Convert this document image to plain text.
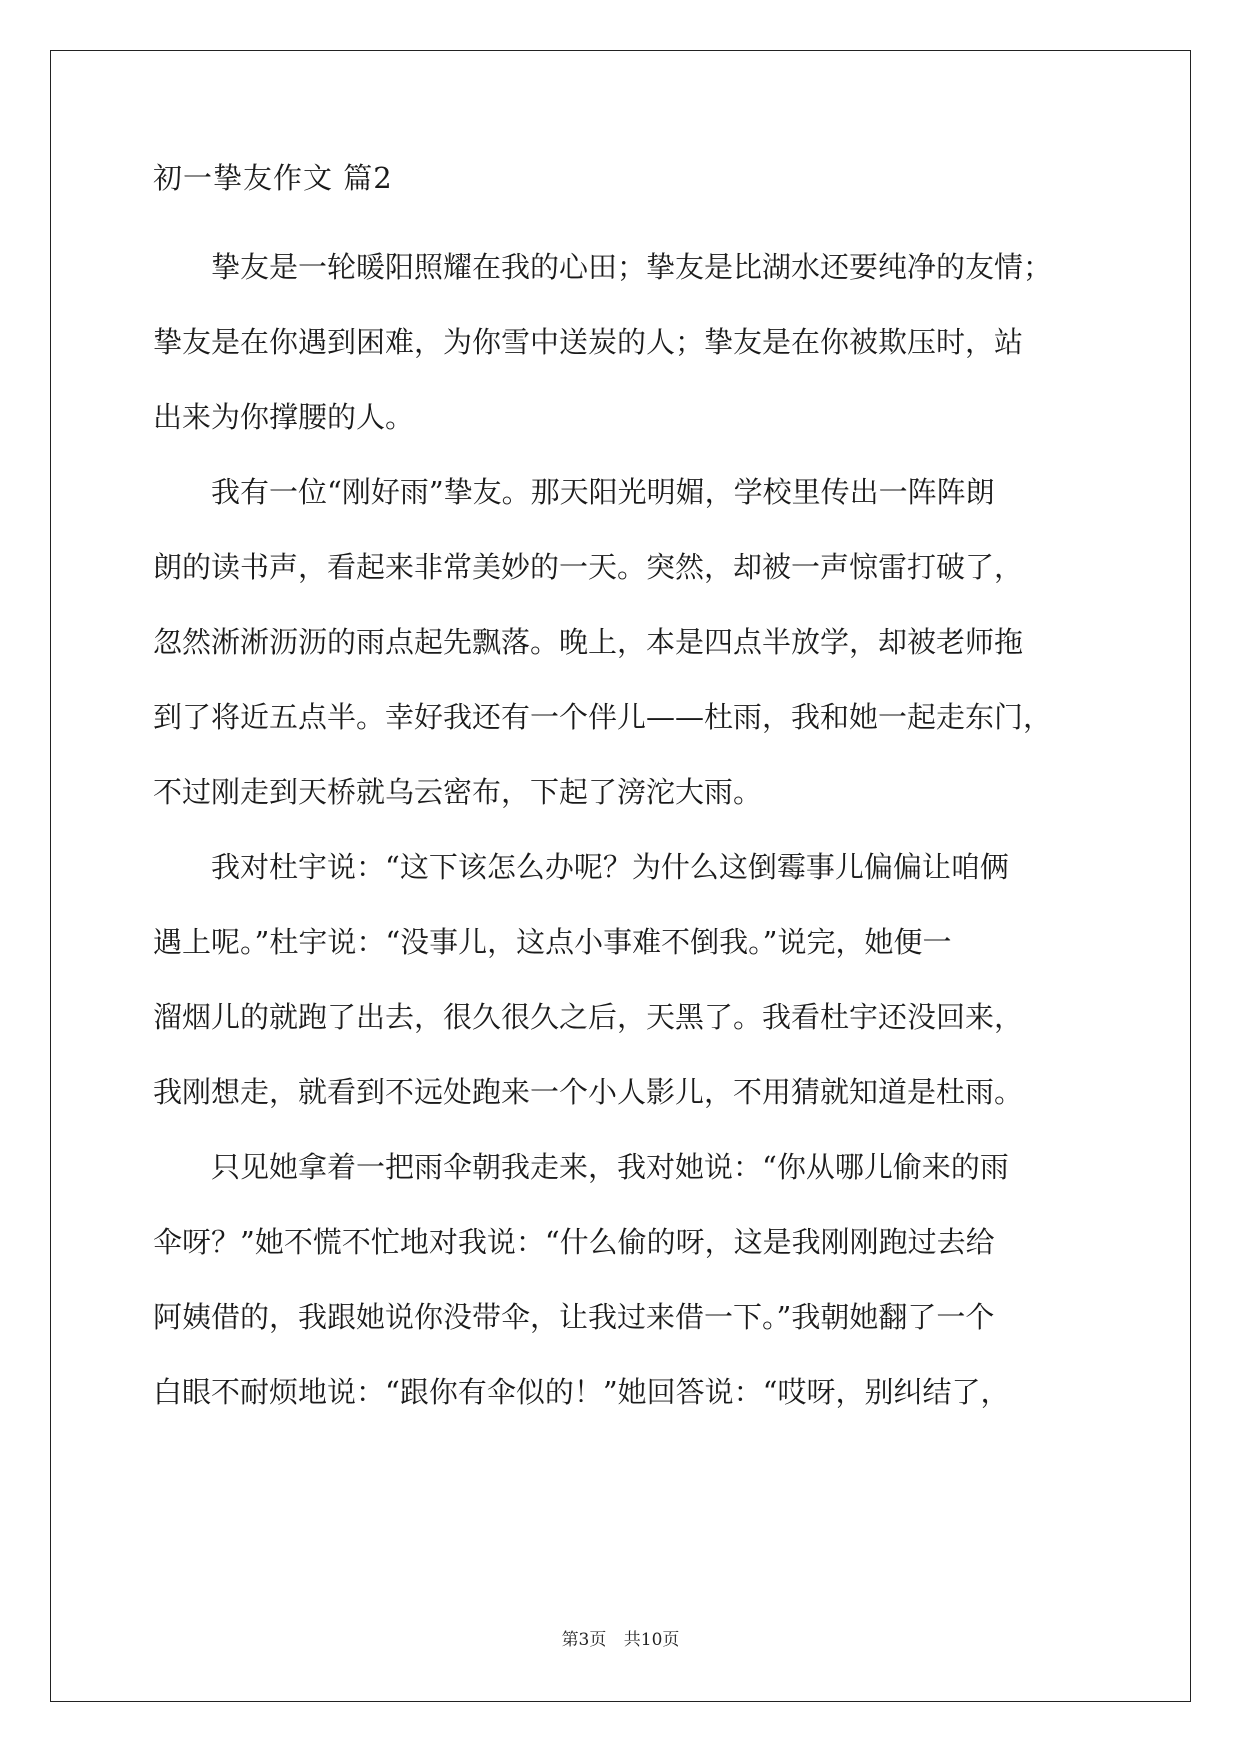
初一挚友作文 篇2
　　挚友是一轮暖阳照耀在我的心田；挚友是比湖水还要纯净的友情；
挚友是在你遇到困难，为你雪中送炭的人；挚友是在你被欺压时，站
出来为你撑腰的人。
　　我有一位“刚好雨”挚友。那天阳光明媚，学校里传出一阵阵朗
朗的读书声，看起来非常美妙的一天。突然，却被一声惊雷打破了，
忽然淅淅沥沥的雨点起先飘落。晚上，本是四点半放学，却被老师拖
到了将近五点半。幸好我还有一个伴儿——杜雨，我和她一起走东门，
不过刚走到天桥就乌云密布，下起了滂沱大雨。
　　我对杜宇说：“这下该怎么办呢？为什么这倒霉事儿偏偏让咱俩
遇上呢。”杜宇说：“没事儿，这点小事难不倒我。”说完，她便一
溜烟儿的就跑了出去，很久很久之后，天黑了。我看杜宇还没回来，
我刚想走，就看到不远处跑来一个小人影儿，不用猜就知道是杜雨。
　　只见她拿着一把雨伞朝我走来，我对她说：“你从哪儿偷来的雨
伞呀？”她不慌不忙地对我说：“什么偷的呀，这是我刚刚跑过去给
阿姨借的，我跟她说你没带伞，让我过来借一下。”我朝她翻了一个
白眼不耐烦地说：“跟你有伞似的！”她回答说：“哎呀，别纠结了，
第3页 共10页
